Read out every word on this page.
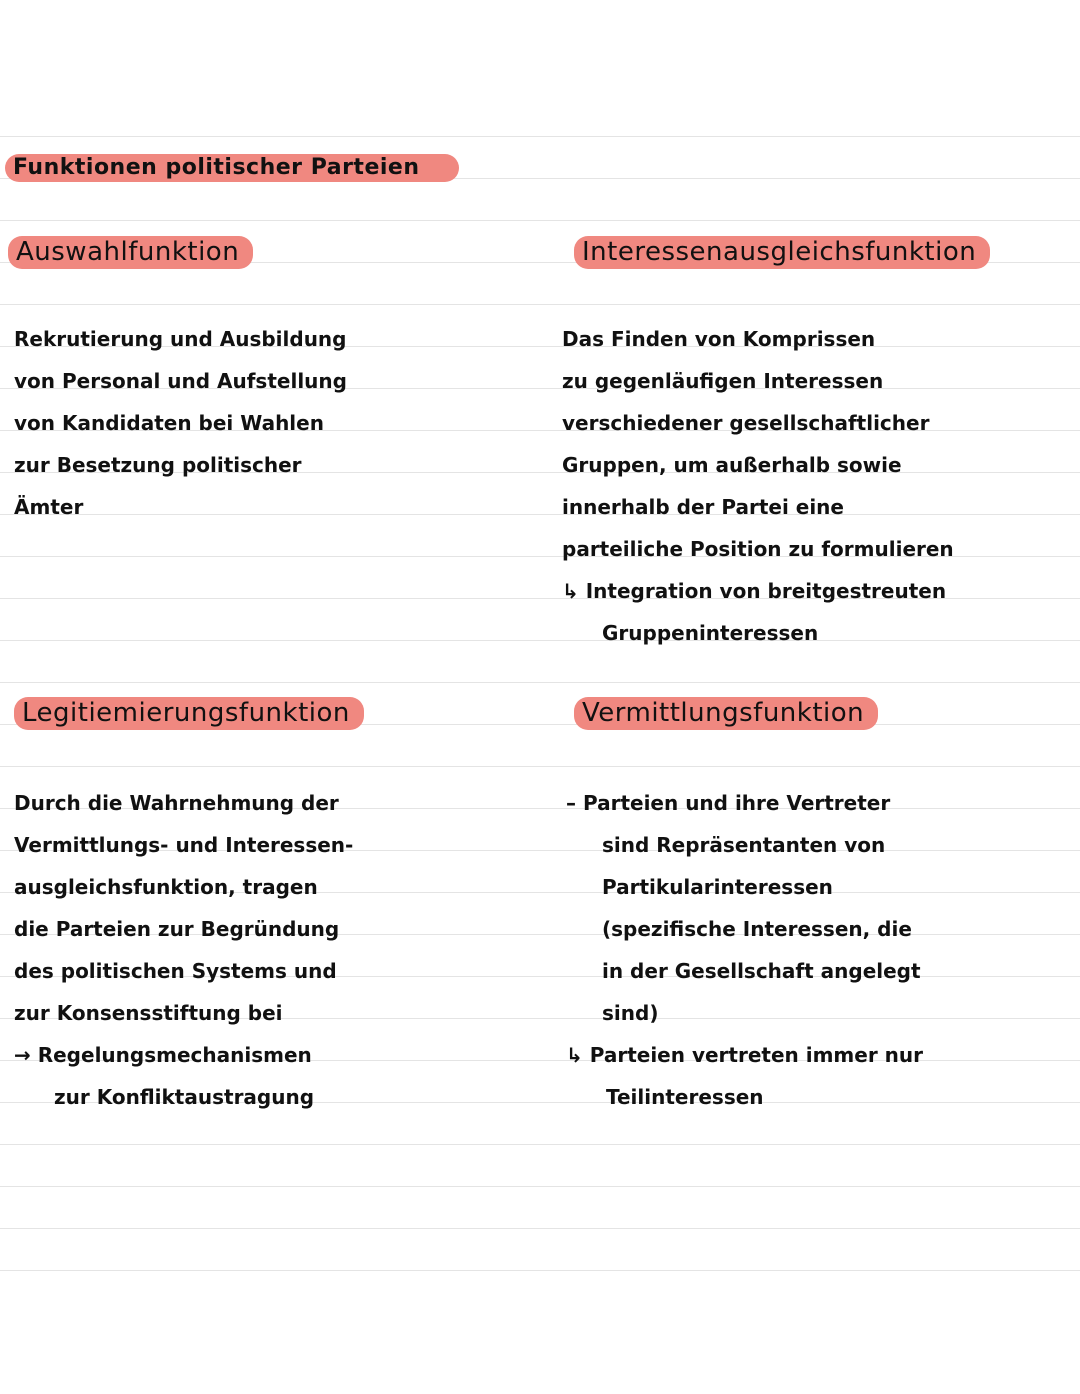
Funktionen politischer Parteien
Auswahlfunktion
Rekrutierung und Ausbildung
von Personal und Aufstellung
von Kandidaten bei Wahlen
zur Besetzung politischer
Ämter
Interessenausgleichsfunktion
Das Finden von Komprissen
zu gegenläufigen Interessen
verschiedener gesellschaftlicher
Gruppen, um außerhalb sowie
innerhalb der Partei eine
parteiliche Position zu formulieren
↳ Integration von breitgestreuten
Gruppeninteressen
Legitiemierungsfunktion
Durch die Wahrnehmung der
Vermittlungs- und Interessen-
ausgleichsfunktion, tragen
die Parteien zur Begründung
des politischen Systems und
zur Konsensstiftung bei
→ Regelungsmechanismen
zur Konfliktaustragung
Vermittlungsfunktion
– Parteien und ihre Vertreter
sind Repräsentanten von
Partikularinteressen
(spezifische Interessen, die
in der Gesellschaft angelegt
sind)
↳ Parteien vertreten immer nur
Teilinteressen
